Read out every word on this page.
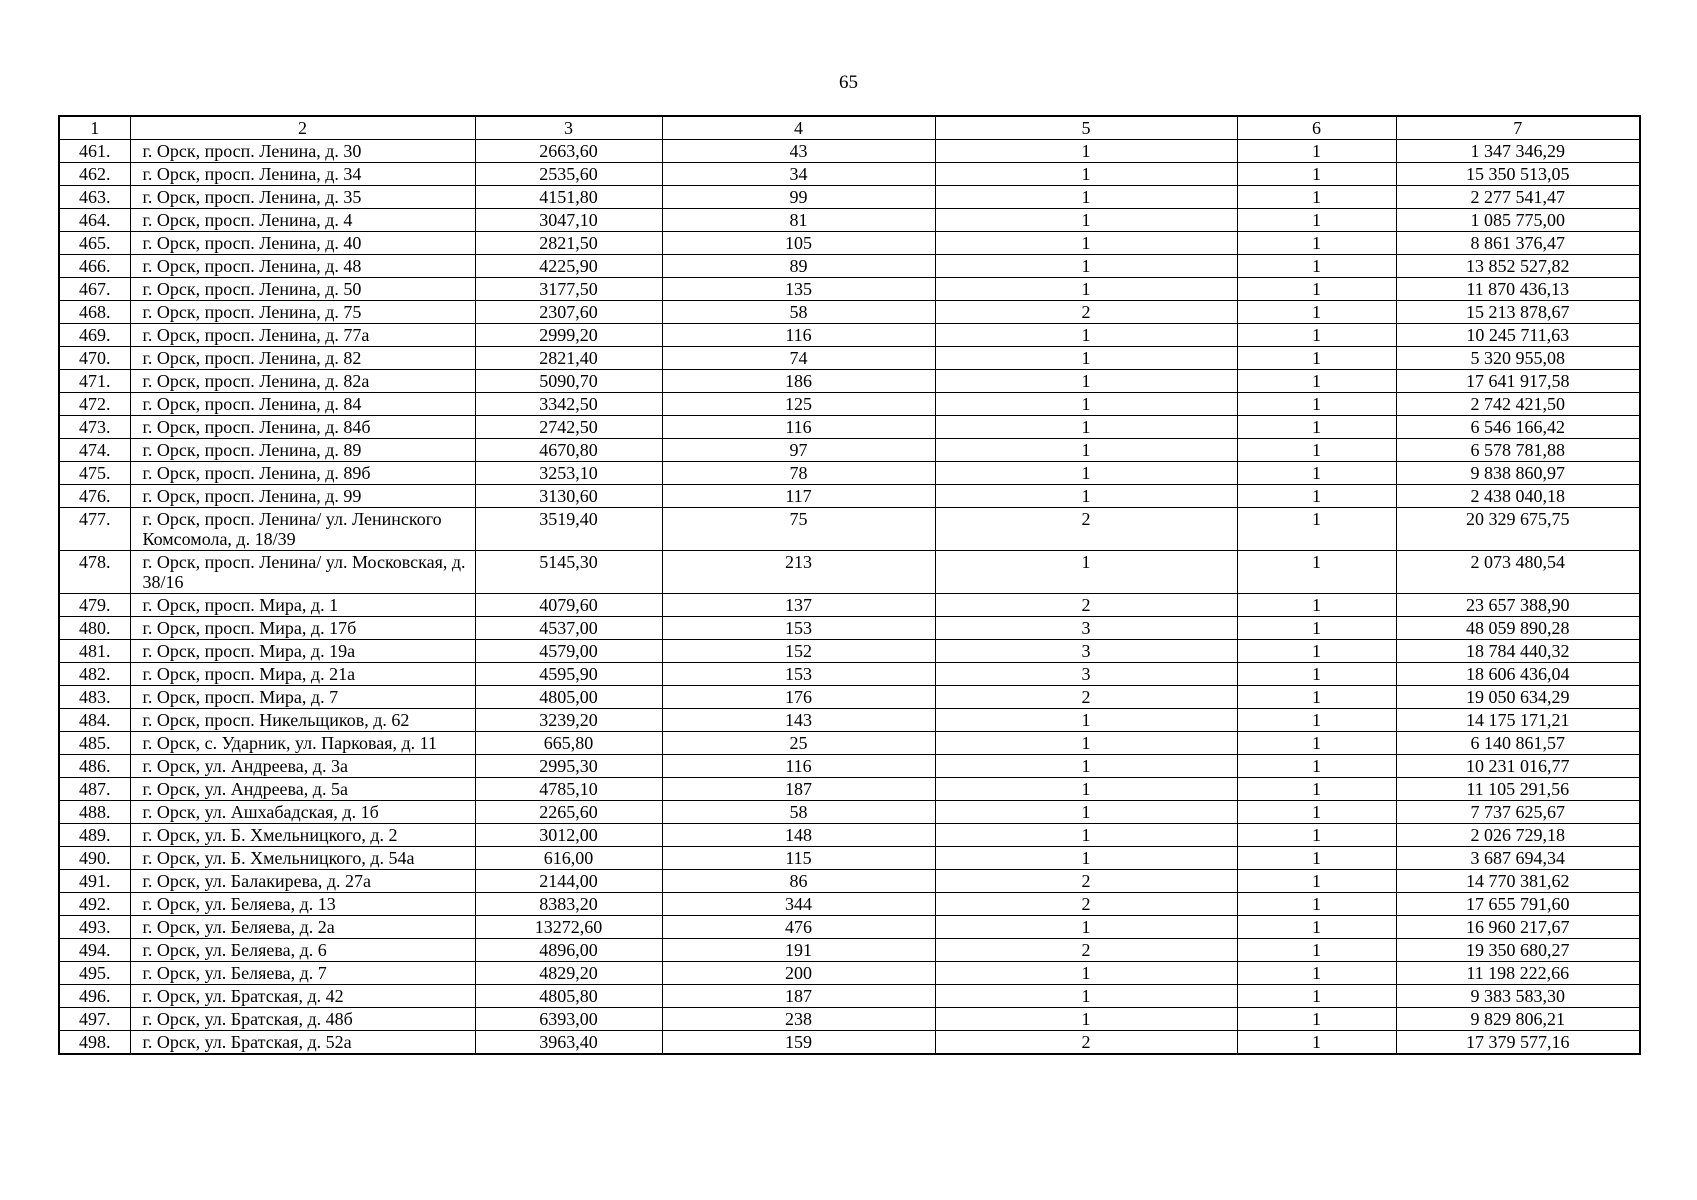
65
1	2	3	4	5	6	7
461.	г. Орск, просп. Ленина, д. 30	2663,60	43	1	1	1 347 346,29
462.	г. Орск, просп. Ленина, д. 34	2535,60	34	1	1	15 350 513,05
463.	г. Орск, просп. Ленина, д. 35	4151,80	99	1	1	2 277 541,47
464.	г. Орск, просп. Ленина, д. 4	3047,10	81	1	1	1 085 775,00
465.	г. Орск, просп. Ленина, д. 40	2821,50	105	1	1	8 861 376,47
466.	г. Орск, просп. Ленина, д. 48	4225,90	89	1	1	13 852 527,82
467.	г. Орск, просп. Ленина, д. 50	3177,50	135	1	1	11 870 436,13
468.	г. Орск, просп. Ленина, д. 75	2307,60	58	2	1	15 213 878,67
469.	г. Орск, просп. Ленина, д. 77а	2999,20	116	1	1	10 245 711,63
470.	г. Орск, просп. Ленина, д. 82	2821,40	74	1	1	5 320 955,08
471.	г. Орск, просп. Ленина, д. 82а	5090,70	186	1	1	17 641 917,58
472.	г. Орск, просп. Ленина, д. 84	3342,50	125	1	1	2 742 421,50
473.	г. Орск, просп. Ленина, д. 84б	2742,50	116	1	1	6 546 166,42
474.	г. Орск, просп. Ленина, д. 89	4670,80	97	1	1	6 578 781,88
475.	г. Орск, просп. Ленина, д. 89б	3253,10	78	1	1	9 838 860,97
476.	г. Орск, просп. Ленина, д. 99	3130,60	117	1	1	2 438 040,18
477.	г. Орск, просп. Ленина/ ул. Ленинского Комсомола, д. 18/39	3519,40	75	2	1	20 329 675,75
478.	г. Орск, просп. Ленина/ ул. Московская, д. 38/16	5145,30	213	1	1	2 073 480,54
479.	г. Орск, просп. Мира, д. 1	4079,60	137	2	1	23 657 388,90
480.	г. Орск, просп. Мира, д. 17б	4537,00	153	3	1	48 059 890,28
481.	г. Орск, просп. Мира, д. 19а	4579,00	152	3	1	18 784 440,32
482.	г. Орск, просп. Мира, д. 21а	4595,90	153	3	1	18 606 436,04
483.	г. Орск, просп. Мира, д. 7	4805,00	176	2	1	19 050 634,29
484.	г. Орск, просп. Никельщиков, д. 62	3239,20	143	1	1	14 175 171,21
485.	г. Орск, с. Ударник, ул. Парковая, д. 11	665,80	25	1	1	6 140 861,57
486.	г. Орск, ул. Андреева, д. 3а	2995,30	116	1	1	10 231 016,77
487.	г. Орск, ул. Андреева, д. 5а	4785,10	187	1	1	11 105 291,56
488.	г. Орск, ул. Ашхабадская, д. 1б	2265,60	58	1	1	7 737 625,67
489.	г. Орск, ул. Б. Хмельницкого, д. 2	3012,00	148	1	1	2 026 729,18
490.	г. Орск, ул. Б. Хмельницкого, д. 54а	616,00	115	1	1	3 687 694,34
491.	г. Орск, ул. Балакирева, д. 27а	2144,00	86	2	1	14 770 381,62
492.	г. Орск, ул. Беляева, д. 13	8383,20	344	2	1	17 655 791,60
493.	г. Орск, ул. Беляева, д. 2а	13272,60	476	1	1	16 960 217,67
494.	г. Орск, ул. Беляева, д. 6	4896,00	191	2	1	19 350 680,27
495.	г. Орск, ул. Беляева, д. 7	4829,20	200	1	1	11 198 222,66
496.	г. Орск, ул. Братская, д. 42	4805,80	187	1	1	9 383 583,30
497.	г. Орск, ул. Братская, д. 48б	6393,00	238	1	1	9 829 806,21
498.	г. Орск, ул. Братская, д. 52а	3963,40	159	2	1	17 379 577,16
